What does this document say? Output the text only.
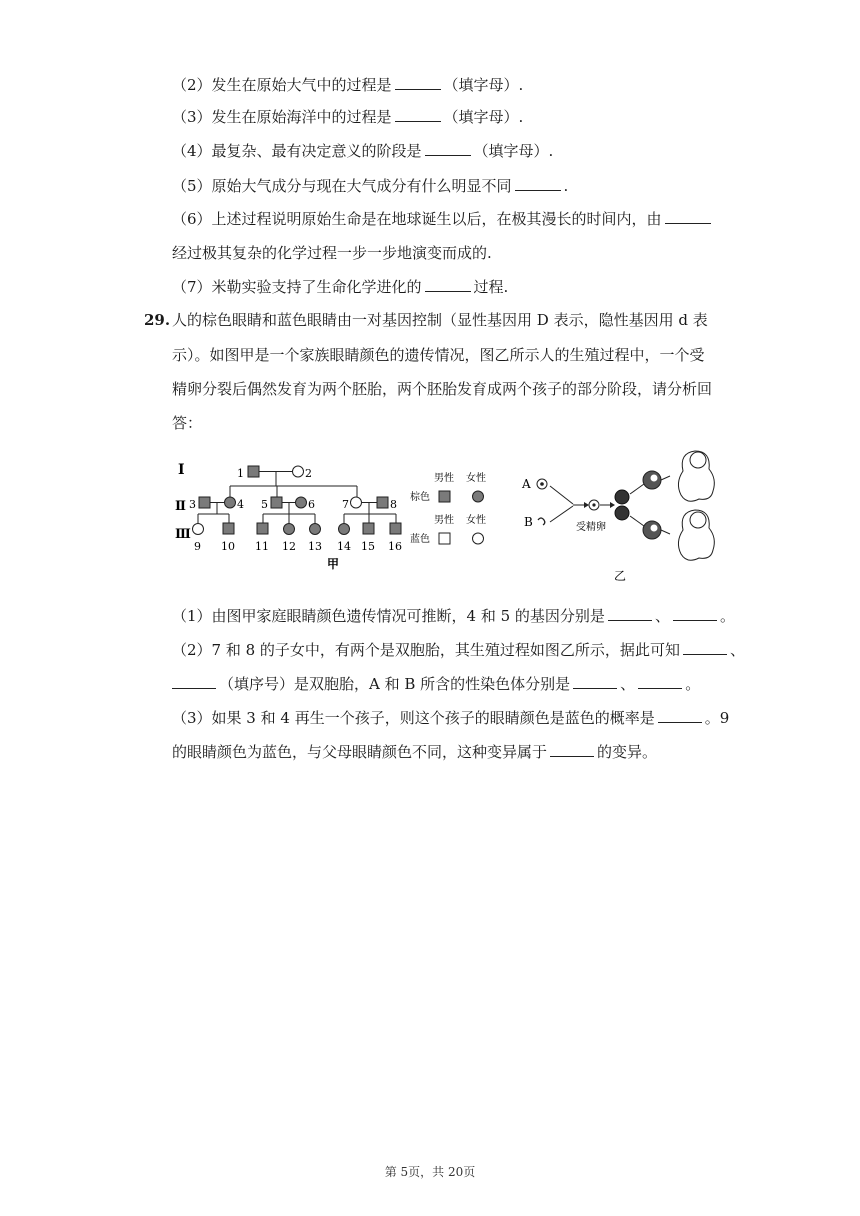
（2）发生在原始大气中的过程是	（填字母）.
（3）发生在原始海洋中的过程是	（填字母）.
（4）最复杂、最有决定意义的阶段是	（填字母）.
（5）原始大气成分与现在大气成分有什么明显不同	.
（6）上述过程说明原始生命是在地球诞生以后，在极其漫长的时间内，由
经过极其复杂的化学过程一步一步地演变而成的.
（7）米勒实验支持了生命化学进化的	过程.
29. 人的棕色眼睛和蓝色眼睛由一对基因控制（显性基因用 D 表示，隐性基因用 d 表
示）。如图甲是一个家族眼睛颜色的遗传情况，图乙所示人的生殖过程中，一个受
精卵分裂后偶然发育为两个胚胎，两个胚胎发育成两个孩子的部分阶段，请分析回
答：
Ⅰ
Ⅱ
Ⅲ
1	2
3	4 5	6 7	8
9 10 11 12 13 14 15 16
男性 女性
棕色
男性 女性
蓝色
甲
A
B	受精卵
乙
（1）由图甲家庭眼睛颜色遗传情况可推断，4 和 5 的基因分别是	、	。
（2）7 和 8 的子女中，有两个是双胞胎，其生殖过程如图乙所示，据此可知	、
（填序号）是双胞胎，A 和 B 所含的性染色体分别是	、	。
（3）如果 3 和 4 再生一个孩子，则这个孩子的眼睛颜色是蓝色的概率是	。9
的眼睛颜色为蓝色，与父母眼睛颜色不同，这种变异属于	的变异。
第 5页，共 20页
